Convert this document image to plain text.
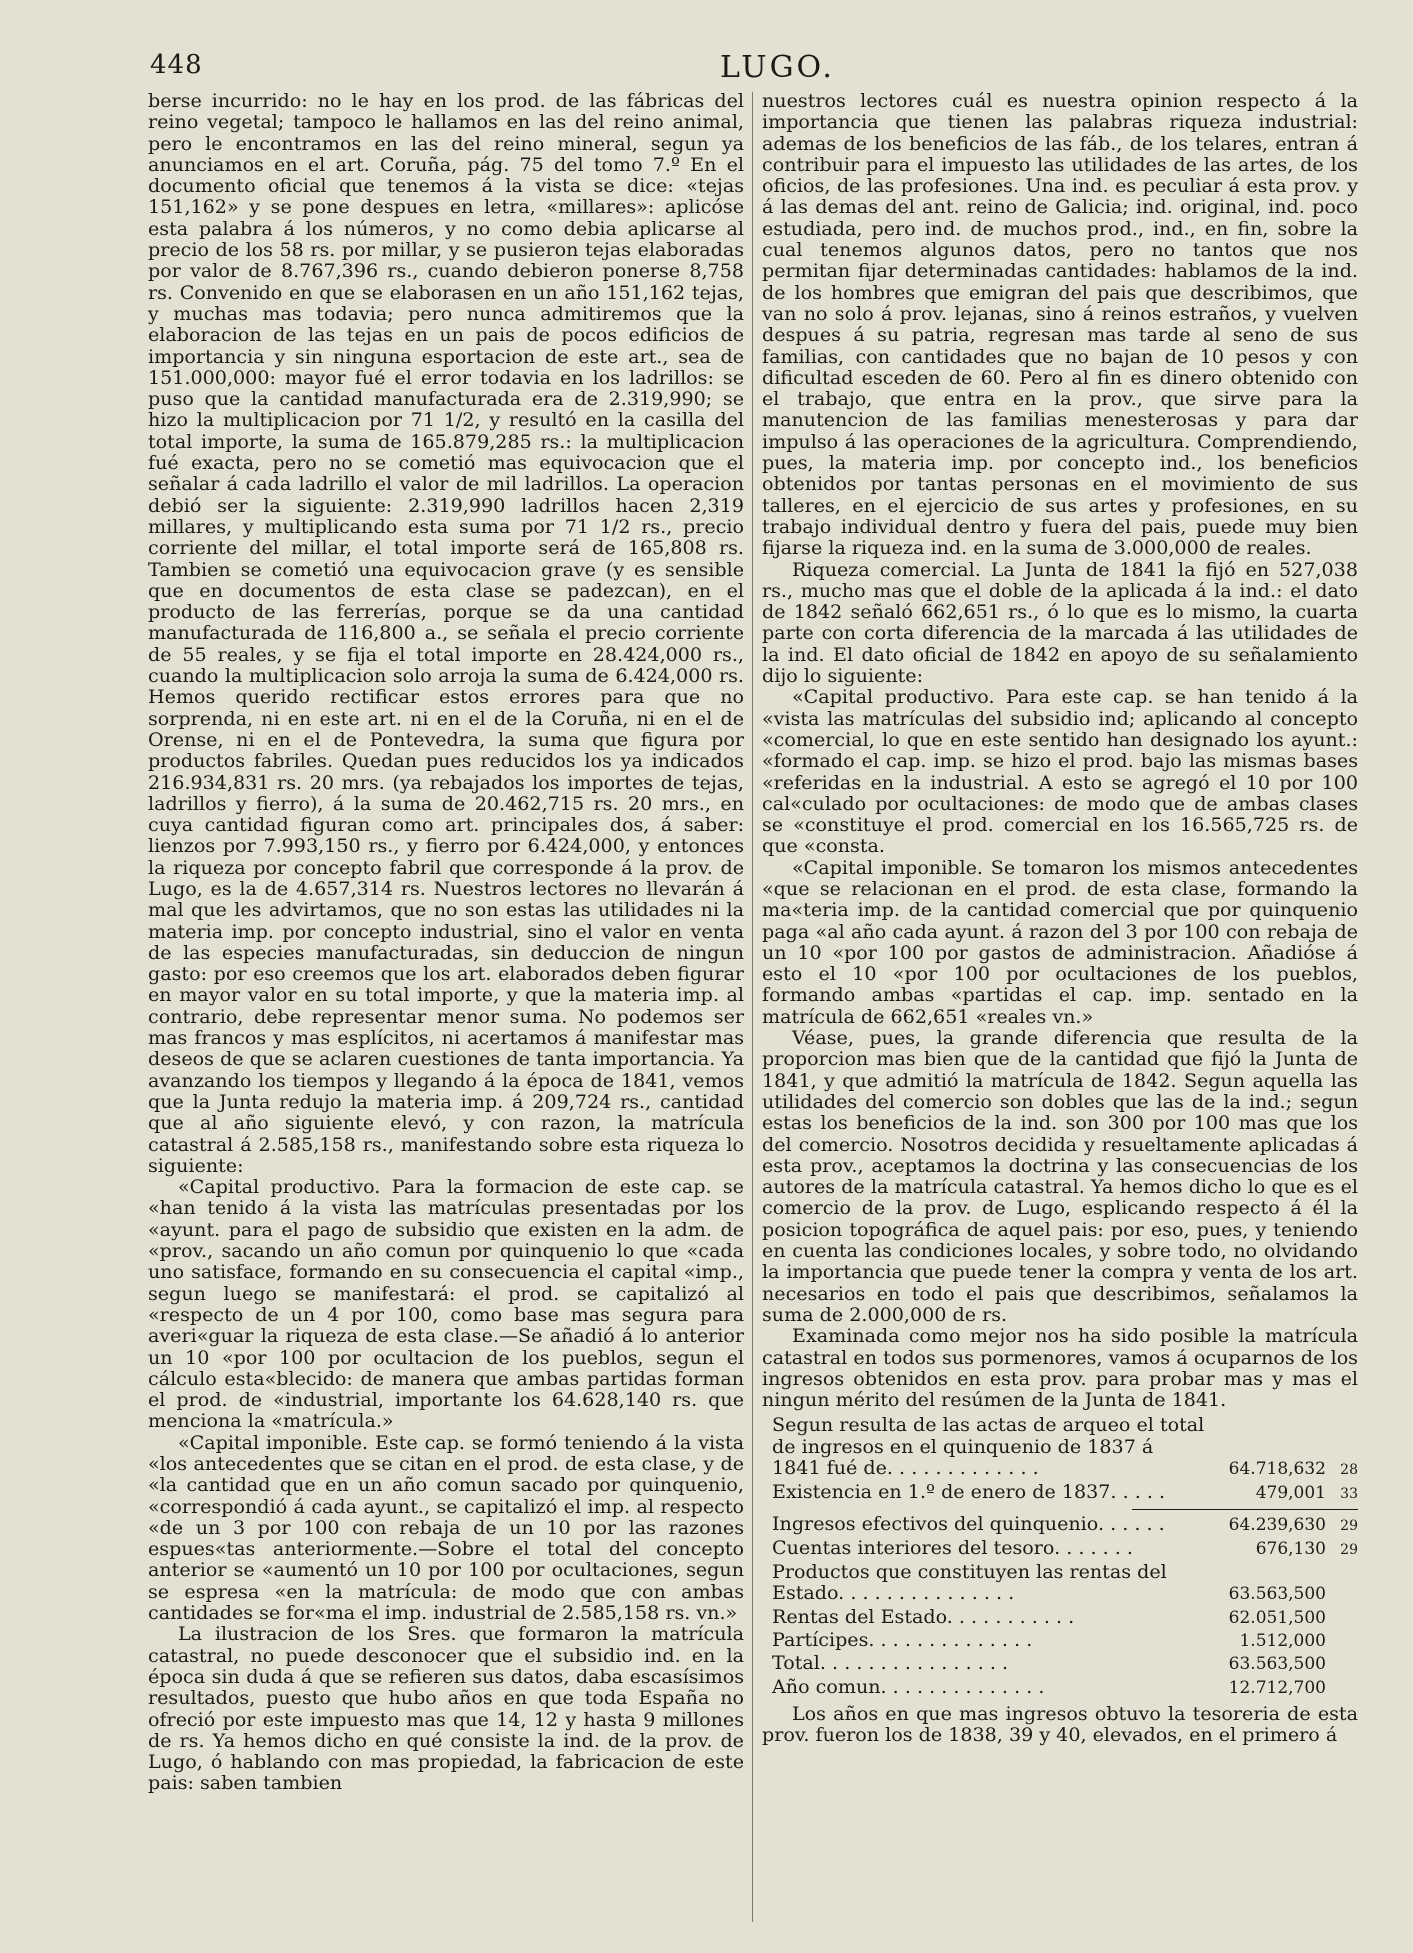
448	LUGO.

berse incurrido: no le hay en los prod. de las fábricas del reino vegetal; tampoco le hallamos en las del reino animal, pero le encontramos en las del reino mineral, segun ya anunciamos en el art. Coruña, pág. 75 del tomo 7.º En el documento oficial que tenemos á la vista se dice: «tejas 151,162» y se pone despues en letra, «millares»: aplicóse esta palabra á los números, y no como debia aplicarse al precio de los 58 rs. por millar, y se pusieron tejas elaboradas por valor de 8.767,396 rs., cuando debieron ponerse 8,758 rs. Convenido en que se elaborasen en un año 151,162 tejas, y muchas mas todavia; pero nunca admitiremos que la elaboracion de las tejas en un pais de pocos edificios de importancia y sin ninguna esportacion de este art., sea de 151.000,000: mayor fué el error todavia en los ladrillos: se puso que la cantidad manufacturada era de 2.319,990; se hizo la multiplicacion por 71 1/2, y resultó en la casilla del total importe, la suma de 165.879,285 rs.: la multiplicacion fué exacta, pero no se cometió mas equivocacion que el señalar á cada ladrillo el valor de mil ladrillos. La operacion debió ser la siguiente: 2.319,990 ladrillos hacen 2,319 millares, y multiplicando esta suma por 71 1/2 rs., precio corriente del millar, el total importe será de 165,808 rs. Tambien se cometió una equivocacion grave (y es sensible que en documentos de esta clase se padezcan), en el producto de las ferrerías, porque se da una cantidad manufacturada de 116,800 a., se señala el precio corriente de 55 reales, y se fija el total importe en 28.424,000 rs., cuando la multiplicacion solo arroja la suma de 6.424,000 rs. Hemos querido rectificar estos errores para que no sorprenda, ni en este art. ni en el de la Coruña, ni en el de Orense, ni en el de Pontevedra, la suma que figura por productos fabriles. Quedan pues reducidos los ya indicados 216.934,831 rs. 20 mrs. (ya rebajados los importes de tejas, ladrillos y fierro), á la suma de 20.462,715 rs. 20 mrs., en cuya cantidad figuran como art. principales dos, á saber: lienzos por 7.993,150 rs., y fierro por 6.424,000, y entonces la riqueza por concepto fabril que corresponde á la prov. de Lugo, es la de 4.657,314 rs. Nuestros lectores no llevarán á mal que les advirtamos, que no son estas las utilidades ni la materia imp. por concepto industrial, sino el valor en venta de las especies manufacturadas, sin deduccion de ningun gasto: por eso creemos que los art. elaborados deben figurar en mayor valor en su total importe, y que la materia imp. al contrario, debe representar menor suma. No podemos ser mas francos y mas esplícitos, ni acertamos á manifestar mas deseos de que se aclaren cuestiones de tanta importancia. Ya avanzando los tiempos y llegando á la época de 1841, vemos que la Junta redujo la materia imp. á 209,724 rs., cantidad que al año siguiente elevó, y con razon, la matrícula catastral á 2.585,158 rs., manifestando sobre esta riqueza lo siguiente:

«Capital productivo. Para la formacion de este cap. se «han tenido á la vista las matrículas presentadas por los «ayunt. para el pago de subsidio que existen en la adm. de «prov., sacando un año comun por quinquenio lo que «cada uno satisface, formando en su consecuencia el capital «imp., segun luego se manifestará: el prod. se capitalizó al «respecto de un 4 por 100, como base mas segura para averi«guar la riqueza de esta clase.—Se añadió á lo anterior un 10 «por 100 por ocultacion de los pueblos, segun el cálculo esta«blecido: de manera que ambas partidas forman el prod. de «industrial, importante los 64.628,140 rs. que menciona la «matrícula.»

«Capital imponible. Este cap. se formó teniendo á la vista «los antecedentes que se citan en el prod. de esta clase, y de «la cantidad que en un año comun sacado por quinquenio, «correspondió á cada ayunt., se capitalizó el imp. al respecto «de un 3 por 100 con rebaja de un 10 por las razones espues«tas anteriormente.—Sobre el total del concepto anterior se «aumentó un 10 por 100 por ocultaciones, segun se espresa «en la matrícula: de modo que con ambas cantidades se for«ma el imp. industrial de 2.585,158 rs. vn.»

La ilustracion de los Sres. que formaron la matrícula catastral, no puede desconocer que el subsidio ind. en la época sin duda á que se refieren sus datos, daba escasísimos resultados, puesto que hubo años en que toda España no ofreció por este impuesto mas que 14, 12 y hasta 9 millones de rs. Ya hemos dicho en qué consiste la ind. de la prov. de Lugo, ó hablando con mas propiedad, la fabricacion de este pais: saben tambien

nuestros lectores cuál es nuestra opinion respecto á la importancia que tienen las palabras riqueza industrial: ademas de los beneficios de las fáb., de los telares, entran á contribuir para el impuesto las utilidades de las artes, de los oficios, de las profesiones. Una ind. es peculiar á esta prov. y á las demas del ant. reino de Galicia; ind. original, ind. poco estudiada, pero ind. de muchos prod., ind., en fin, sobre la cual tenemos algunos datos, pero no tantos que nos permitan fijar determinadas cantidades: hablamos de la ind. de los hombres que emigran del pais que describimos, que van no solo á prov. lejanas, sino á reinos estraños, y vuelven despues á su patria, regresan mas tarde al seno de sus familias, con cantidades que no bajan de 10 pesos y con dificultad esceden de 60. Pero al fin es dinero obtenido con el trabajo, que entra en la prov., que sirve para la manutencion de las familias menesterosas y para dar impulso á las operaciones de la agricultura. Comprendiendo, pues, la materia imp. por concepto ind., los beneficios obtenidos por tantas personas en el movimiento de sus talleres, en el ejercicio de sus artes y profesiones, en su trabajo individual dentro y fuera del pais, puede muy bien fijarse la riqueza ind. en la suma de 3.000,000 de reales.

Riqueza comercial. La Junta de 1841 la fijó en 527,038 rs., mucho mas que el doble de la aplicada á la ind.: el dato de 1842 señaló 662,651 rs., ó lo que es lo mismo, la cuarta parte con corta diferencia de la marcada á las utilidades de la ind. El dato oficial de 1842 en apoyo de su señalamiento dijo lo siguiente:

«Capital productivo. Para este cap. se han tenido á la «vista las matrículas del subsidio ind; aplicando al concepto «comercial, lo que en este sentido han designado los ayunt.: «formado el cap. imp. se hizo el prod. bajo las mismas bases «referidas en la industrial. A esto se agregó el 10 por 100 cal«culado por ocultaciones: de modo que de ambas clases se «constituye el prod. comercial en los 16.565,725 rs. de que «consta.

«Capital imponible. Se tomaron los mismos antecedentes «que se relacionan en el prod. de esta clase, formando la ma«teria imp. de la cantidad comercial que por quinquenio paga «al año cada ayunt. á razon del 3 por 100 con rebaja de un 10 «por 100 por gastos de administracion. Añadióse á esto el 10 «por 100 por ocultaciones de los pueblos, formando ambas «partidas el cap. imp. sentado en la matrícula de 662,651 «reales vn.»

Véase, pues, la grande diferencia que resulta de la proporcion mas bien que de la cantidad que fijó la Junta de 1841, y que admitió la matrícula de 1842. Segun aquella las utilidades del comercio son dobles que las de la ind.; segun estas los beneficios de la ind. son 300 por 100 mas que los del comercio. Nosotros decidida y resueltamente aplicadas á esta prov., aceptamos la doctrina y las consecuencias de los autores de la matrícula catastral. Ya hemos dicho lo que es el comercio de la prov. de Lugo, esplicando respecto á él la posicion topográfica de aquel pais: por eso, pues, y teniendo en cuenta las condiciones locales, y sobre todo, no olvidando la importancia que puede tener la compra y venta de los art. necesarios en todo el pais que describimos, señalamos la suma de 2.000,000 de rs.

Examinada como mejor nos ha sido posible la matrícula catastral en todos sus pormenores, vamos á ocuparnos de los ingresos obtenidos en esta prov. para probar mas y mas el ningun mérito del resúmen de la Junta de 1841.

Segun resulta de las actas de arqueo el total
de ingresos en el quinquenio de 1837 á
1841 fué de. . . . . . . . . . . . .	64.718,632	28
Existencia en 1.º de enero de 1837. . . . .	479,001	33
Ingresos efectivos del quinquenio. . . . . .	64.239,630	29
Cuentas interiores del tesoro. . . . . . .	676,130	29
Productos que constituyen las rentas del
Estado. . . . . . . . . . . . . . .	63.563,500
Rentas del Estado. . . . . . . . . . .	62.051,500
Partícipes. . . . . . . . . . . . . .	1.512,000
Total. . . . . . . . . . . . . . . .	63.563,500
Año comun. . . . . . . . . . . . . .	12.712,700

Los años en que mas ingresos obtuvo la tesoreria de esta prov. fueron los de 1838, 39 y 40, elevados, en el primero á
